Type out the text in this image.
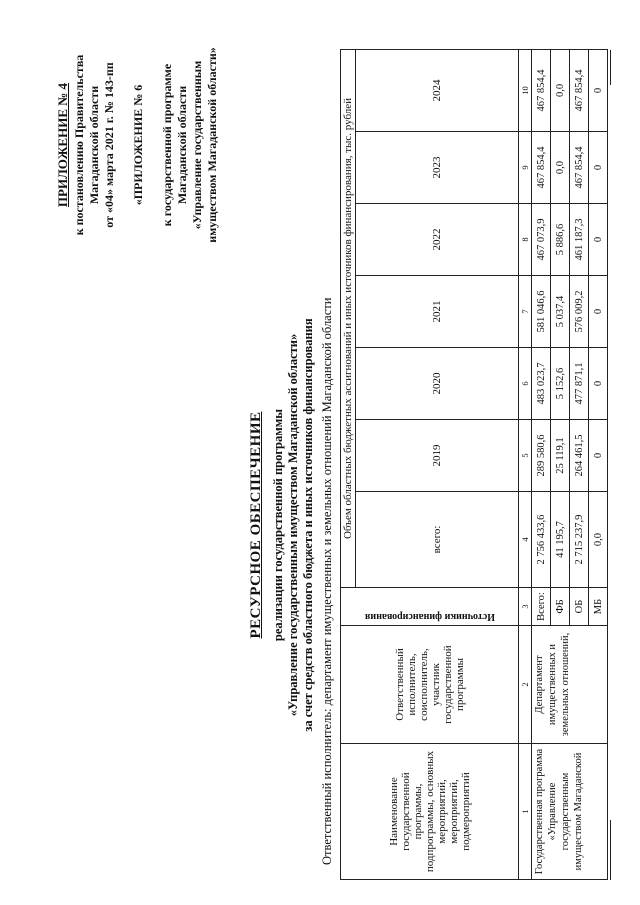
ПРИЛОЖЕНИЕ № 4 к постановлению Правительства Магаданской области от «04» марта 2021 г. № 143-пп «ПРИЛОЖЕНИЕ № 6 к государственной программе Магаданской области «Управление государственным имуществом Магаданской области»
РЕСУРСНОЕ ОБЕСПЕЧЕНИЕ реализации государственной программы «Управление государственным имуществом Магаданской области» за счет средств областного бюджета и иных источников финансирования Ответственный исполнитель: департамент имущественных и земельных отношений Магаданской области	Наименование государственной программы, подпрограммы, основных мероприятий, мероприятий, подмероприятий	Ответственный исполнитель, соисполнитель, участник государственной программы	Источники финансирования	Объем областных бюджетных ассигнований и иных источников финансирования, тыс. рублей						
			всего:	2019	2020	2021	2022	2023	2024
1	2	3	4	5	6	7	8	9	10
Государственная программа «Управление государственным имуществом Магаданской	Департамент имущественных и земельных отношений,	Всего:	2 756 433,6	289 580,6	483 023,7	581 046,6	467 073,9	467 854,4	467 854,4
		ФБ	41 195,7	25 119,1	5 152,6	5 037,4	5 886,6	0,0	0,0
		ОБ	2 715 237,9	264 461,5	477 871,1	576 009,2	461 187,3	467 854,4	467 854,4
		МБ	0,0	0	0	0	0	0	0
